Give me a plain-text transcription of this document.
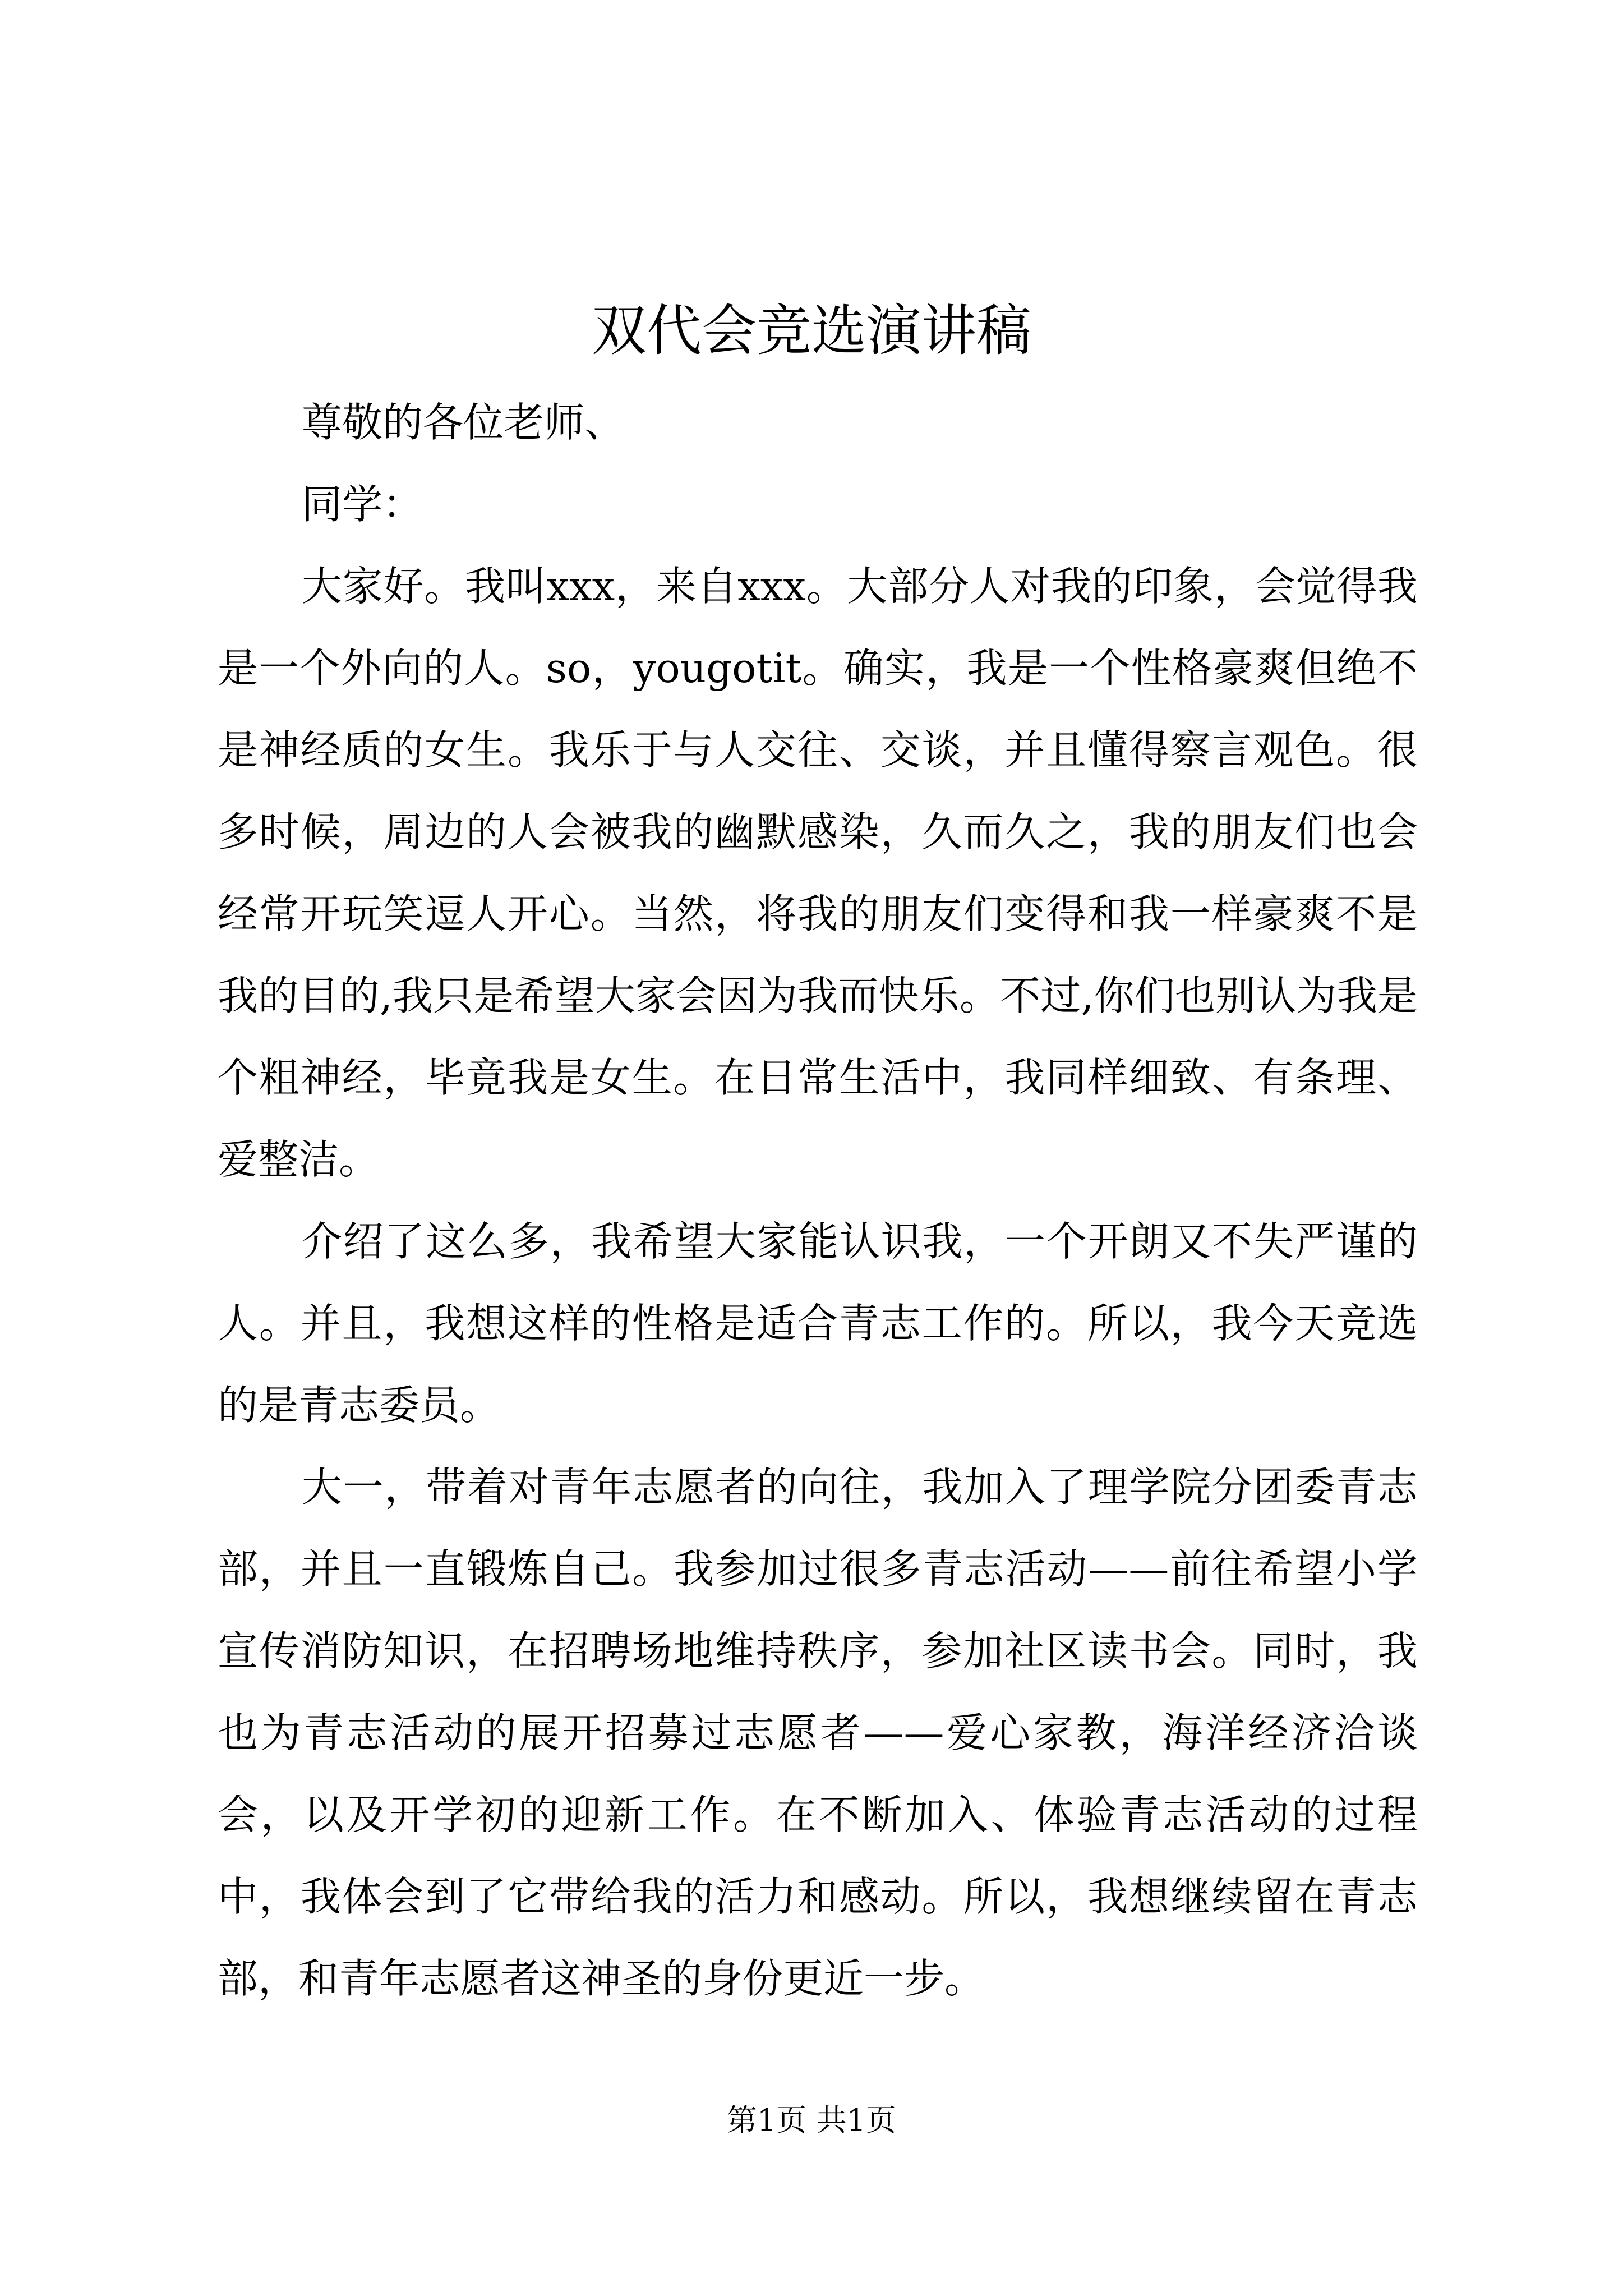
双代会竞选演讲稿

尊敬的各位老师、

同学：

大家好。我叫xxx，来自xxx。大部分人对我的印象，会觉得我是一个外向的人。so，yougotit。确实，我是一个性格豪爽但绝不是神经质的女生。我乐于与人交往、交谈，并且懂得察言观色。很多时候，周边的人会被我的幽默感染，久而久之，我的朋友们也会经常开玩笑逗人开心。当然，将我的朋友们变得和我一样豪爽不是我的目的,我只是希望大家会因为我而快乐。不过,你们也别认为我是个粗神经，毕竟我是女生。在日常生活中，我同样细致、有条理、爱整洁。

介绍了这么多，我希望大家能认识我，一个开朗又不失严谨的人。并且，我想这样的性格是适合青志工作的。所以，我今天竞选的是青志委员。

大一，带着对青年志愿者的向往，我加入了理学院分团委青志部，并且一直锻炼自己。我参加过很多青志活动——前往希望小学宣传消防知识，在招聘场地维持秩序，参加社区读书会。同时，我也为青志活动的展开招募过志愿者——爱心家教，海洋经济洽谈会，以及开学初的迎新工作。在不断加入、体验青志活动的过程中，我体会到了它带给我的活力和感动。所以，我想继续留在青志部，和青年志愿者这神圣的身份更近一步。

第1页 共1页
